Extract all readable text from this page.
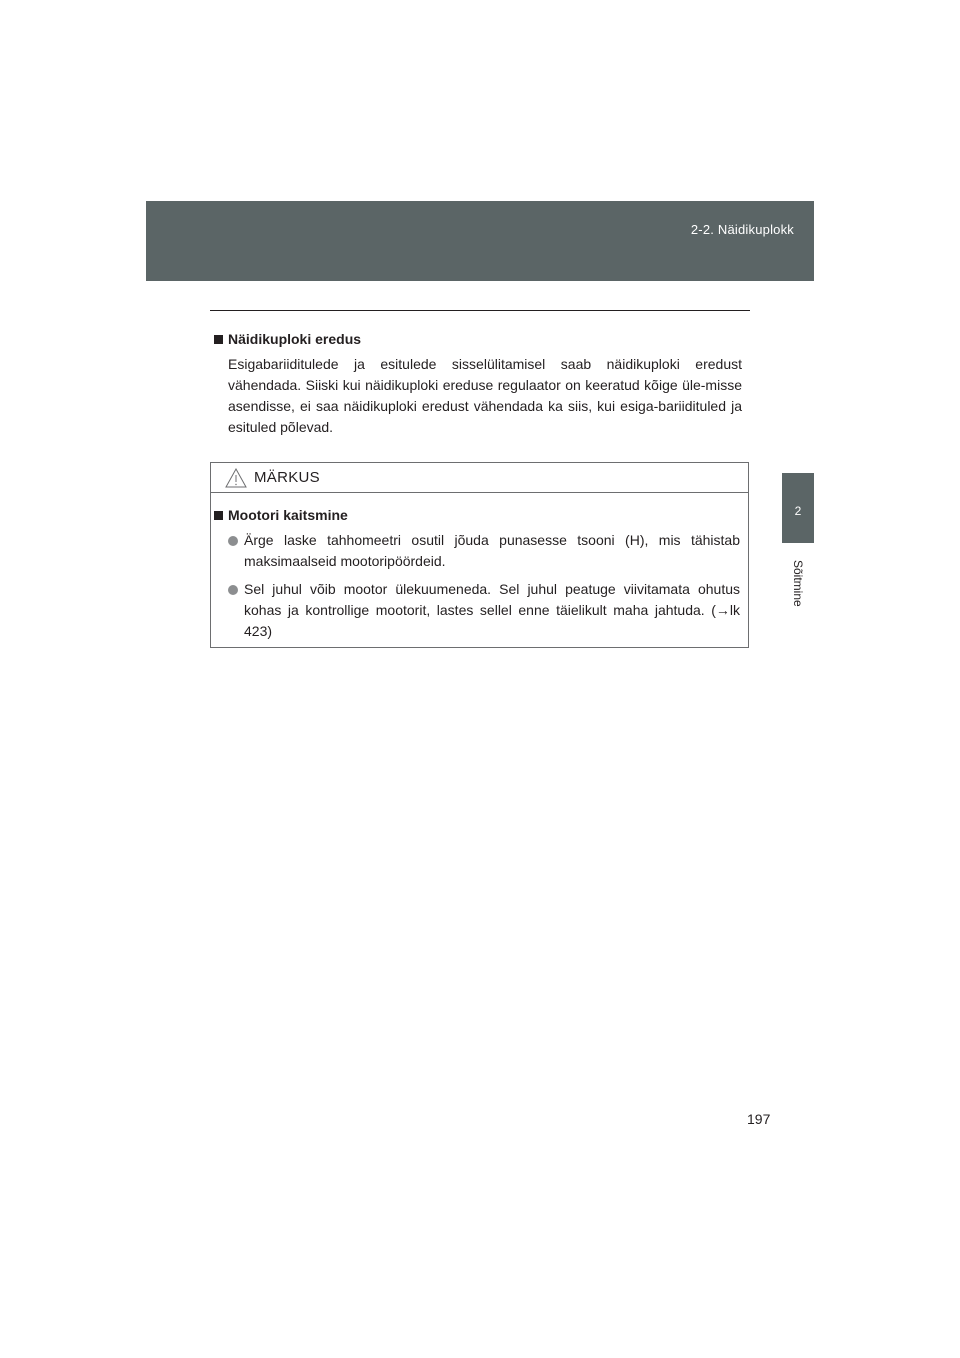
2-2. Näidikuplokk
2
Sõitmine

Näidikuploki eredus

Esigabariiditulede ja esitulede sisselülitamisel saab näidikuploki eredust vähendada. Siiski kui näidikuploki ereduse regulaator on keeratud kõige üle-misse asendisse, ei saa näidikuploki eredust vähendada ka siis, kui esiga-bariidituled ja esituled põlevad.

MÄRKUS

Mootori kaitsmine

Ärge laske tahhomeetri osutil jõuda punasesse tsooni (H), mis tähistab maksimaalseid mootoripöördeid.
Sel juhul võib mootor ülekuumeneda. Sel juhul peatuge viivitamata ohutus kohas ja kontrollige mootorit, lastes sellel enne täielikult maha jahtuda. (→lk 423)
197
